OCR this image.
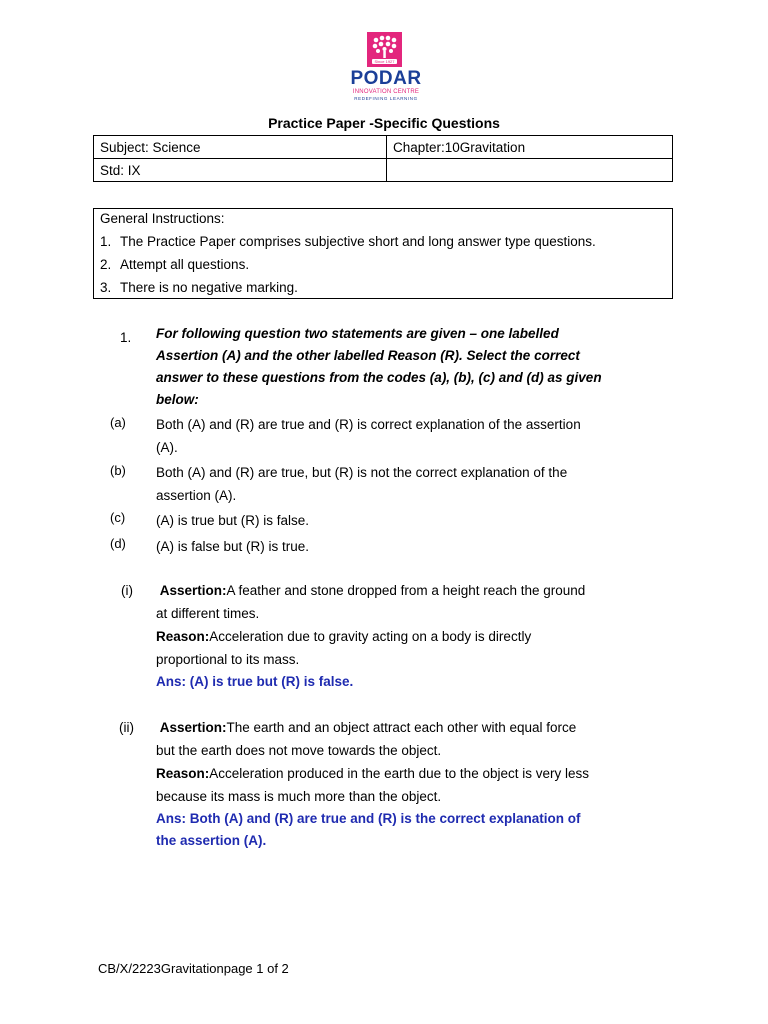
Since 1927
PODAR
INNOVATION CENTRE
REDEFINING LEARNING
Practice Paper -Specific Questions
Subject: Science	Chapter:10Gravitation
Std: IX	
General Instructions:
1. The Practice Paper comprises subjective short and long answer type questions.
2. Attempt all questions.
3. There is no negative marking.
1. For following question two statements are given – one labelled
Assertion (A) and the other labelled Reason (R). Select the correct
answer to these questions from the codes (a), (b), (c) and (d) as given
below:
(a) Both (A) and (R) are true and (R) is correct explanation of the assertion
(A).
(b) Both (A) and (R) are true, but (R) is not the correct explanation of the
assertion (A).
(c) (A) is true but (R) is false.
(d) (A) is false but (R) is true.
(i) Assertion:A feather and stone dropped from a height reach the ground
at different times.
Reason:Acceleration due to gravity acting on a body is directly
proportional to its mass.
Ans: (A) is true but (R) is false.
(ii) Assertion:The earth and an object attract each other with equal force
but the earth does not move towards the object.
Reason:Acceleration produced in the earth due to the object is very less
because its mass is much more than the object.
Ans: Both (A) and (R) are true and (R) is the correct explanation of
the assertion (A).
CB/X/2223Gravitationpage 1 of 2
